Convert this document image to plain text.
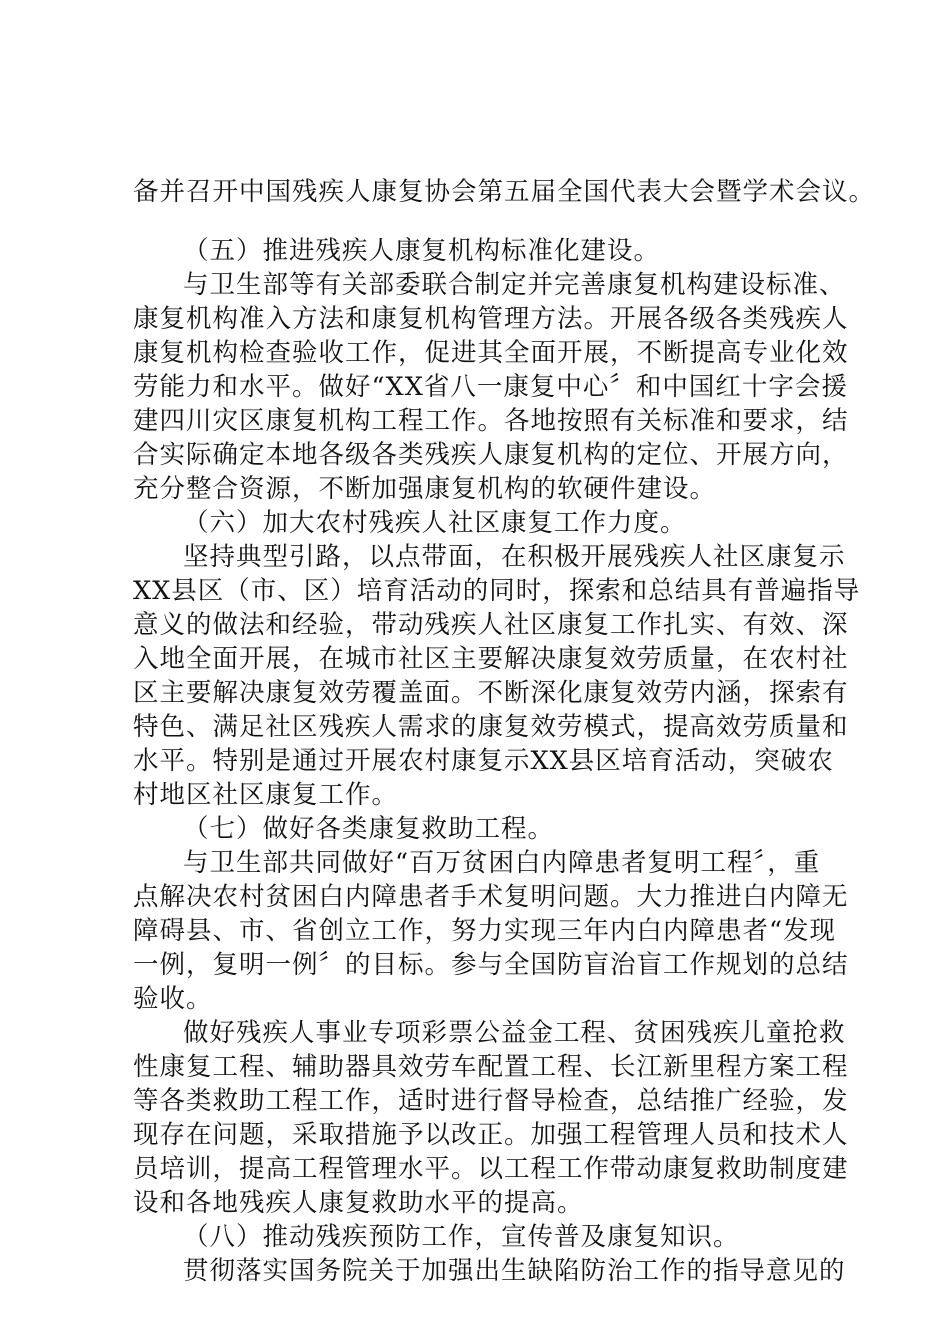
备并召开中国残疾人康复协会第五届全国代表大会暨学术会议。
（五）推进残疾人康复机构标准化建设。
与卫生部等有关部委联合制定并完善康复机构建设标准、
康复机构准入方法和康复机构管理方法。开展各级各类残疾人
康复机构检查验收工作，促进其全面开展，不断提高专业化效
劳能力和水平。做好“XX省八一康复中心〞和中国红十字会援
建四川灾区康复机构工程工作。各地按照有关标准和要求，结
合实际确定本地各级各类残疾人康复机构的定位、开展方向，
充分整合资源，不断加强康复机构的软硬件建设。
（六）加大农村残疾人社区康复工作力度。
坚持典型引路，以点带面，在积极开展残疾人社区康复示
XX县区（市、区）培育活动的同时，探索和总结具有普遍指导
意义的做法和经验，带动残疾人社区康复工作扎实、有效、深
入地全面开展，在城市社区主要解决康复效劳质量，在农村社
区主要解决康复效劳覆盖面。不断深化康复效劳内涵，探索有
特色、满足社区残疾人需求的康复效劳模式，提高效劳质量和
水平。特别是通过开展农村康复示XX县区培育活动，突破农
村地区社区康复工作。
（七）做好各类康复救助工程。
与卫生部共同做好“百万贫困白内障患者复明工程〞，重
点解决农村贫困白内障患者手术复明问题。大力推进白内障无
障碍县、市、省创立工作，努力实现三年内白内障患者“发现
一例，复明一例〞的目标。参与全国防盲治盲工作规划的总结
验收。
做好残疾人事业专项彩票公益金工程、贫困残疾儿童抢救
性康复工程、辅助器具效劳车配置工程、长江新里程方案工程
等各类救助工程工作，适时进行督导检查，总结推广经验，发
现存在问题，采取措施予以改正。加强工程管理人员和技术人
员培训，提高工程管理水平。以工程工作带动康复救助制度建
设和各地残疾人康复救助水平的提高。
（八）推动残疾预防工作，宣传普及康复知识。
贯彻落实国务院关于加强出生缺陷防治工作的指导意见的
